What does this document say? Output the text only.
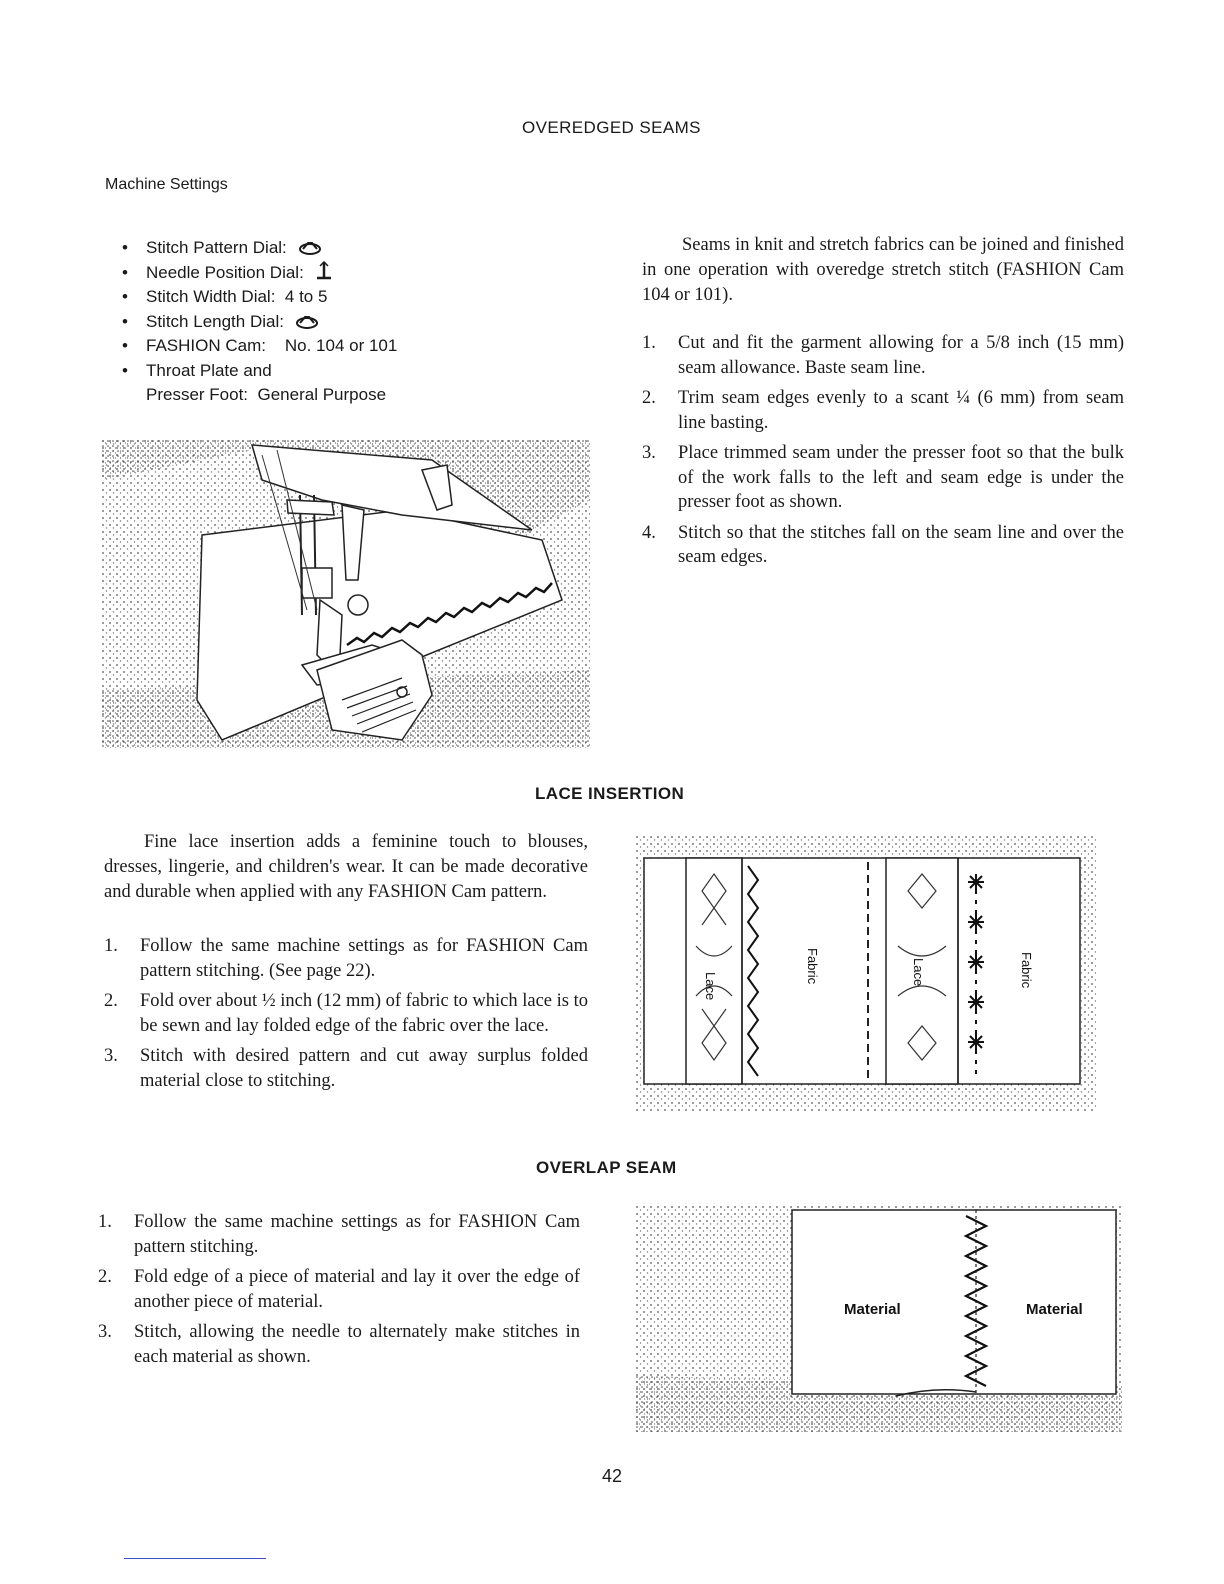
OVEREDGED SEAMS
Machine Settings
• Stitch Pattern Dial:
• Needle Position Dial:
• Stitch Width Dial: 4 to 5
• Stitch Length Dial:
• FASHION Cam: No. 104 or 101
• Throat Plate and
Presser Foot: General Purpose
Seams in knit and stretch fabrics can be joined and finished in one operation with overedge stretch stitch (FASHION Cam 104 or 101).
1. Cut and fit the garment allowing for a 5/8 inch (15 mm) seam allowance. Baste seam line.
2. Trim seam edges evenly to a scant ¼ (6 mm) from seam line basting.
3. Place trimmed seam under the presser foot so that the bulk of the work falls to the left and seam edge is under the presser foot as shown.
4. Stitch so that the stitches fall on the seam line and over the seam edges.
LACE INSERTION
Fine lace insertion adds a feminine touch to blouses, dresses, lingerie, and children's wear. It can be made decorative and durable when applied with any FASHION Cam pattern.
1. Follow the same machine settings as for FASHION Cam pattern stitching. (See page 22).
2. Fold over about ½ inch (12 mm) of fabric to which lace is to be sewn and lay folded edge of the fabric over the lace.
3. Stitch with desired pattern and cut away surplus folded material close to stitching.
Lace
Fabric	Lace	Fabric
OVERLAP SEAM
1. Follow the same machine settings as for FASHION Cam pattern stitching.
2. Fold edge of a piece of material and lay it over the edge of another piece of material.
3. Stitch, allowing the needle to alternately make stitches in each material as shown.
Material	Material
42
